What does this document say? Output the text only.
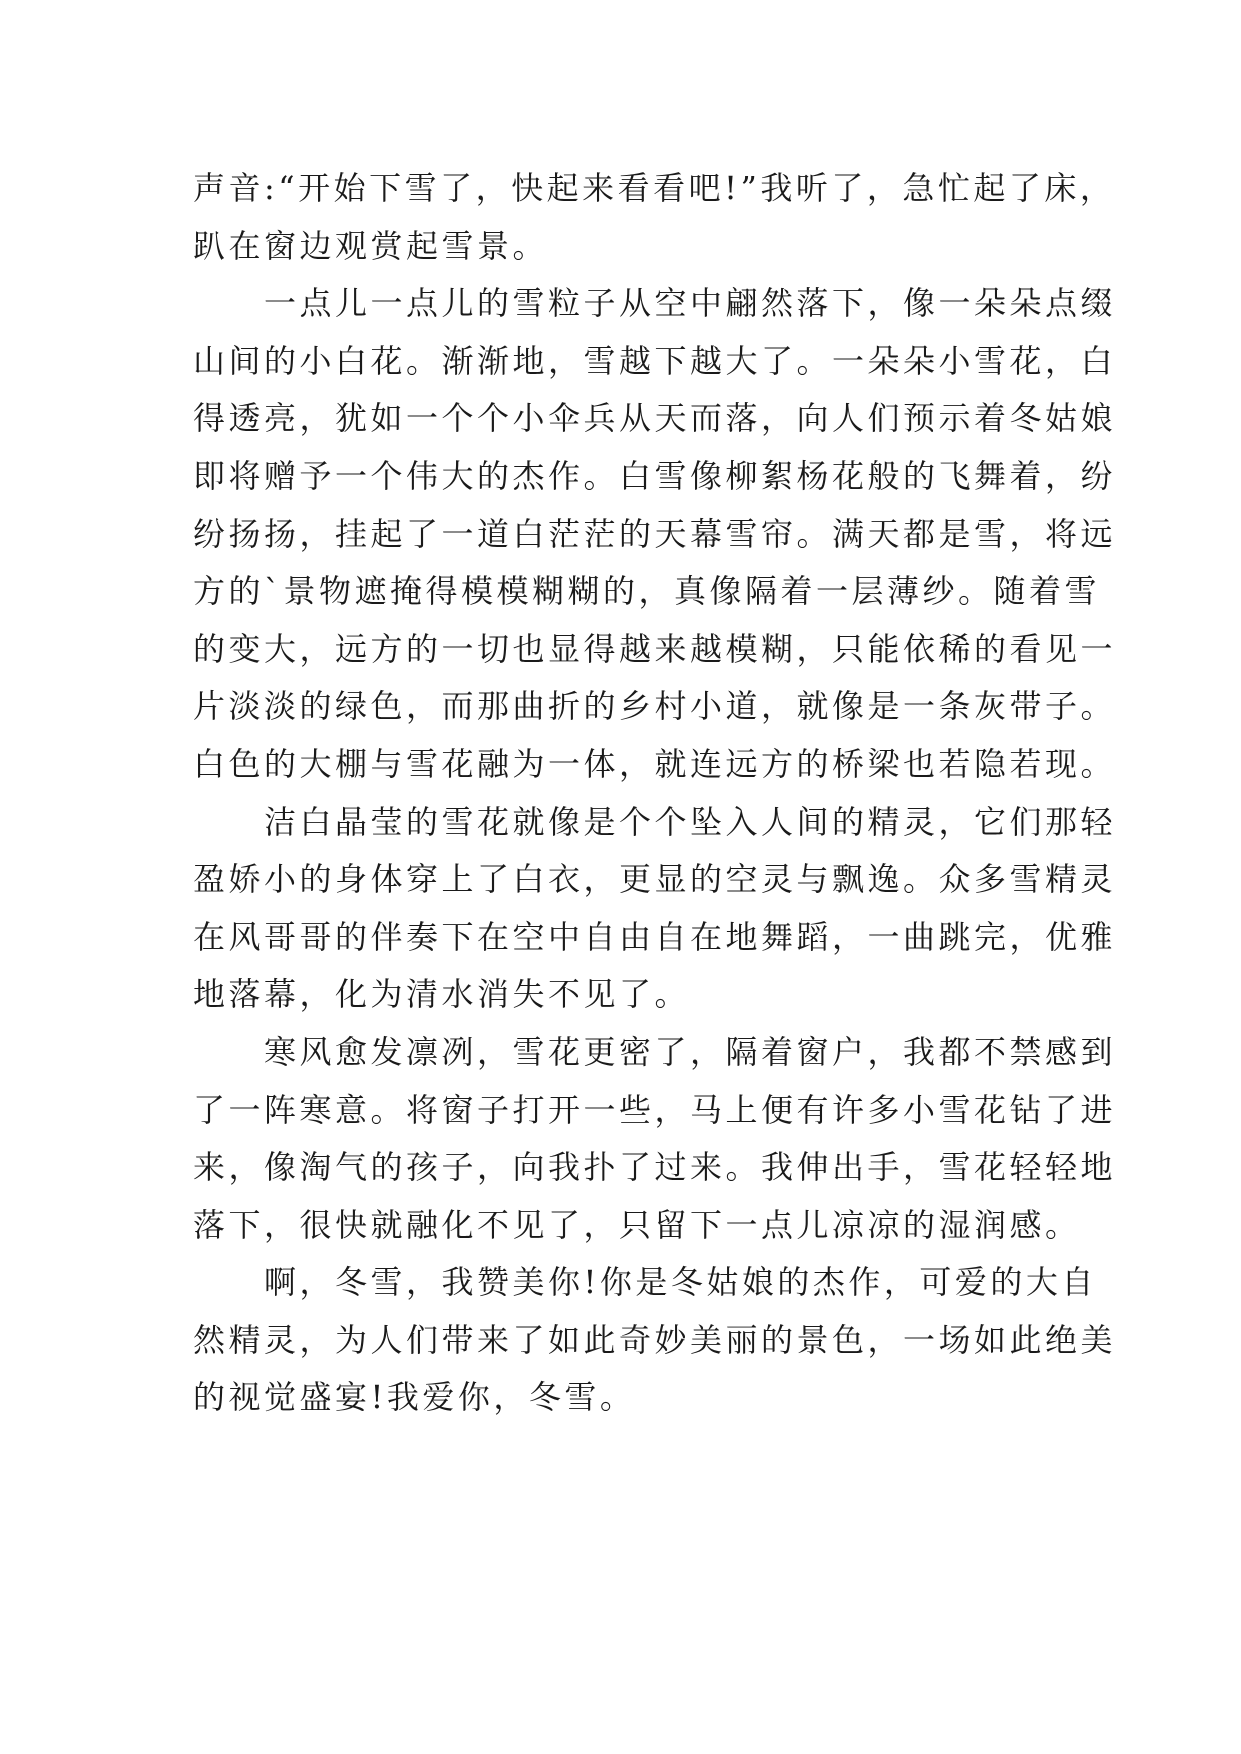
声音:“开始下雪了，快起来看看吧!”我听了，急忙起了床，
趴在窗边观赏起雪景。
　　一点儿一点儿的雪粒子从空中翩然落下，像一朵朵点缀
山间的小白花。渐渐地，雪越下越大了。一朵朵小雪花，白
得透亮，犹如一个个小伞兵从天而落，向人们预示着冬姑娘
即将赠予一个伟大的杰作。白雪像柳絮杨花般的飞舞着，纷
纷扬扬，挂起了一道白茫茫的天幕雪帘。满天都是雪，将远
方的`景物遮掩得模模糊糊的，真像隔着一层薄纱。随着雪
的变大，远方的一切也显得越来越模糊，只能依稀的看见一
片淡淡的绿色，而那曲折的乡村小道，就像是一条灰带子。
白色的大棚与雪花融为一体，就连远方的桥梁也若隐若现。
　　洁白晶莹的雪花就像是个个坠入人间的精灵，它们那轻
盈娇小的身体穿上了白衣，更显的空灵与飘逸。众多雪精灵
在风哥哥的伴奏下在空中自由自在地舞蹈，一曲跳完，优雅
地落幕，化为清水消失不见了。
　　寒风愈发凛冽，雪花更密了，隔着窗户，我都不禁感到
了一阵寒意。将窗子打开一些，马上便有许多小雪花钻了进
来，像淘气的孩子，向我扑了过来。我伸出手，雪花轻轻地
落下，很快就融化不见了，只留下一点儿凉凉的湿润感。
　　啊，冬雪，我赞美你!你是冬姑娘的杰作，可爱的大自
然精灵，为人们带来了如此奇妙美丽的景色，一场如此绝美
的视觉盛宴!我爱你，冬雪。
